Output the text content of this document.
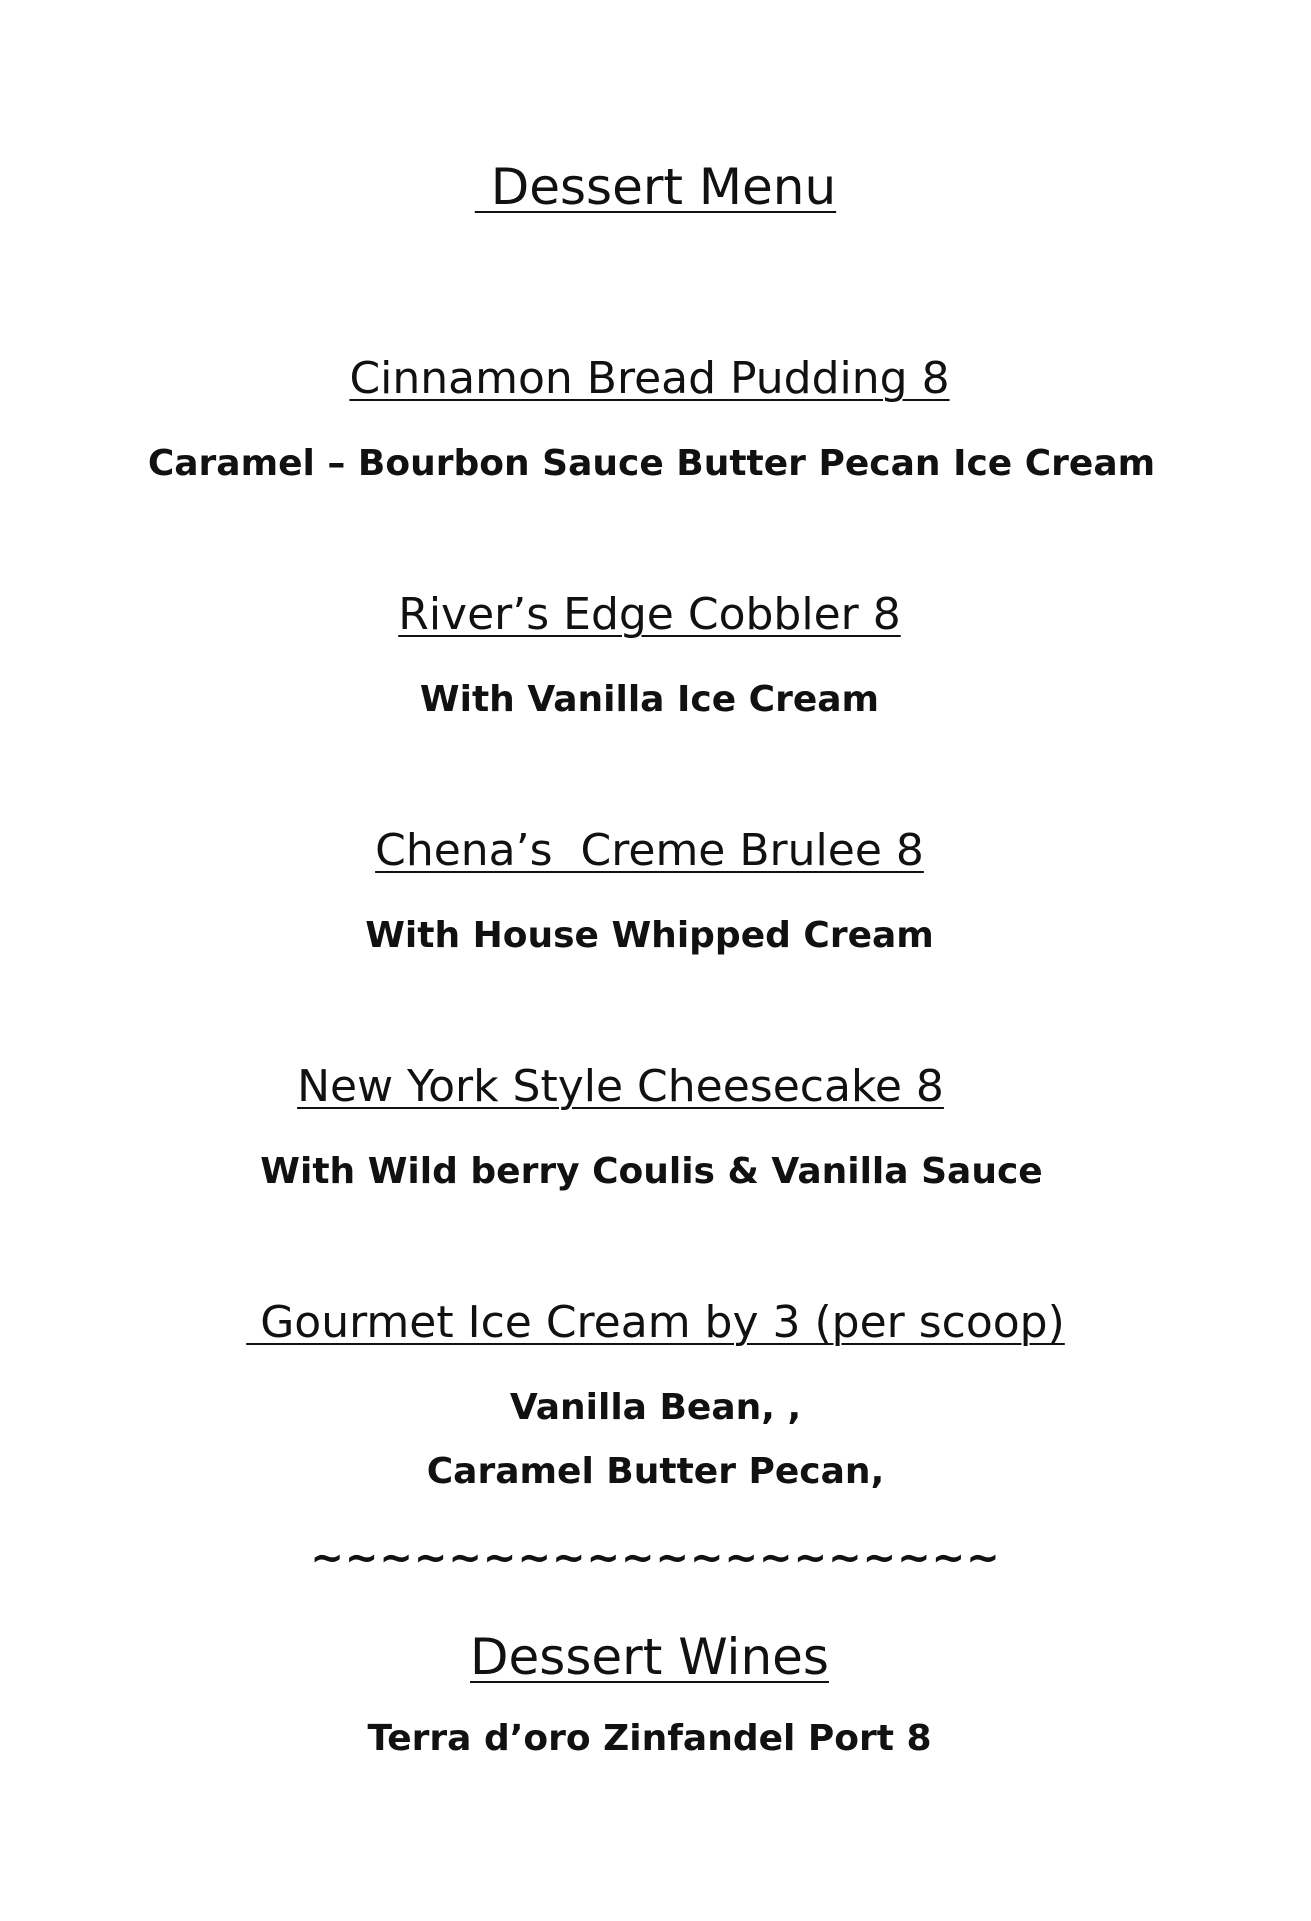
Dessert Menu
Cinnamon Bread Pudding 8
Caramel – Bourbon Sauce Butter Pecan Ice Cream
River’s Edge Cobbler 8
With Vanilla Ice Cream
Chena’s  Creme Brulee 8
With House Whipped Cream
New York Style Cheesecake 8
With Wild berry Coulis & Vanilla Sauce
Gourmet Ice Cream by 3 (per scoop)
Vanilla Bean, ,
Caramel Butter Pecan,
~~~~~~~~~~~~~~~~~~~~
Dessert Wines
Terra d’oro Zinfandel Port 8
